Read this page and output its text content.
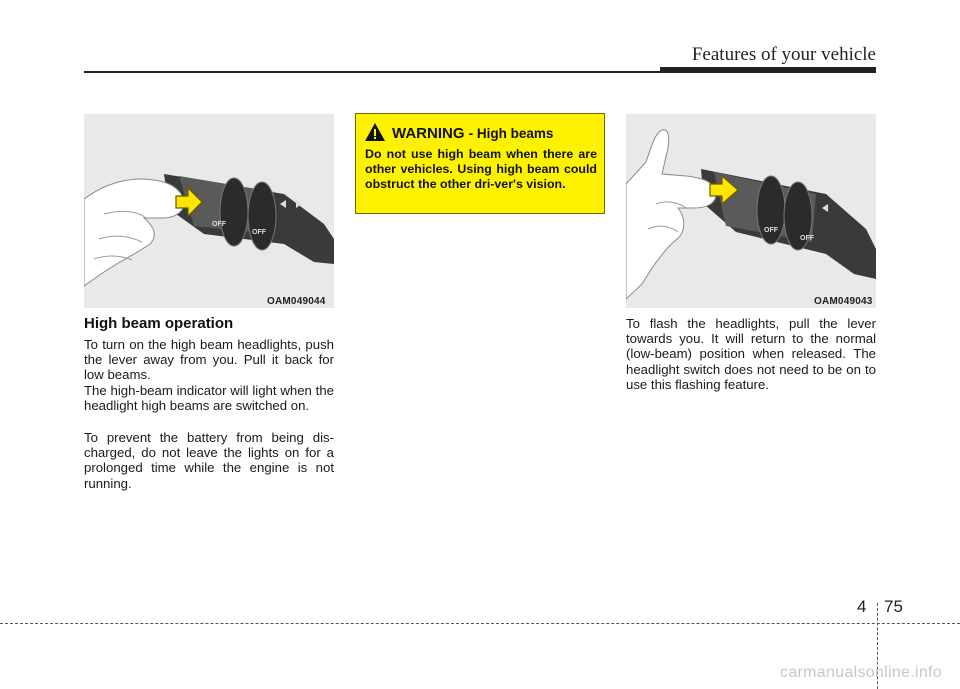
Features of your vehicle
OFF
OFF
OAM049044
High beam operation

To turn on the high beam headlights, push the lever away from you. Pull it back for low beams.

The high-beam indicator will light when the headlight high beams are switched on.

To prevent the battery from being dis-charged, do not leave the lights on for a prolonged time while the engine is not running.

WARNING - High beams

Do not use high beam when there are other vehicles. Using high beam could obstruct the other dri-ver's vision.

OFF
OFF
OAM049043

To flash the headlights, pull the lever towards you. It will return to the normal (low-beam) position when released. The headlight switch does not need to be on to use this flashing feature.

4 75
carmanualsonline.info
